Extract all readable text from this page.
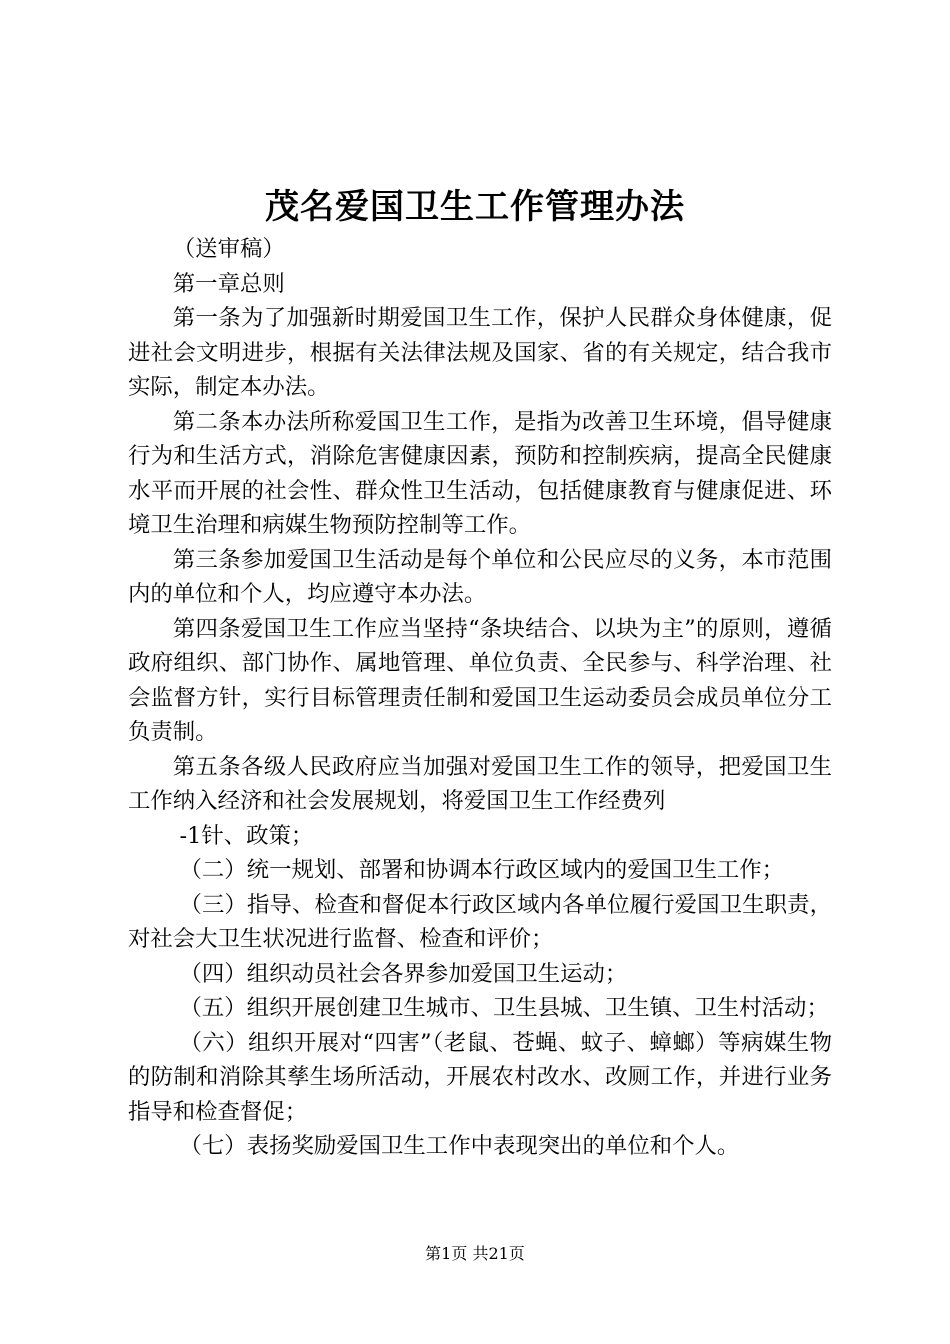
茂名爱国卫生工作管理办法

（送审稿）

第一章总则

第一条为了加强新时期爱国卫生工作，保护人民群众身体健康，促进社会文明进步，根据有关法律法规及国家、省的有关规定，结合我市实际，制定本办法。

第二条本办法所称爱国卫生工作，是指为改善卫生环境，倡导健康行为和生活方式，消除危害健康因素，预防和控制疾病，提高全民健康水平而开展的社会性、群众性卫生活动，包括健康教育与健康促进、环境卫生治理和病媒生物预防控制等工作。

第三条参加爱国卫生活动是每个单位和公民应尽的义务，本市范围内的单位和个人，均应遵守本办法。

第四条爱国卫生工作应当坚持“条块结合、以块为主”的原则，遵循政府组织、部门协作、属地管理、单位负责、全民参与、科学治理、社会监督方针，实行目标管理责任制和爱国卫生运动委员会成员单位分工负责制。

第五条各级人民政府应当加强对爱国卫生工作的领导，把爱国卫生工作纳入经济和社会发展规划，将爱国卫生工作经费列

-1针、政策；

（二）统一规划、部署和协调本行政区域内的爱国卫生工作；

（三）指导、检查和督促本行政区域内各单位履行爱国卫生职责，对社会大卫生状况进行监督、检查和评价；

（四）组织动员社会各界参加爱国卫生运动；

（五）组织开展创建卫生城市、卫生县城、卫生镇、卫生村活动；

（六）组织开展对“四害”（老鼠、苍蝇、蚊子、蟑螂）等病媒生物的防制和消除其孳生场所活动，开展农村改水、改厕工作，并进行业务指导和检查督促；

（七）表扬奖励爱国卫生工作中表现突出的单位和个人。

第1页 共21页
